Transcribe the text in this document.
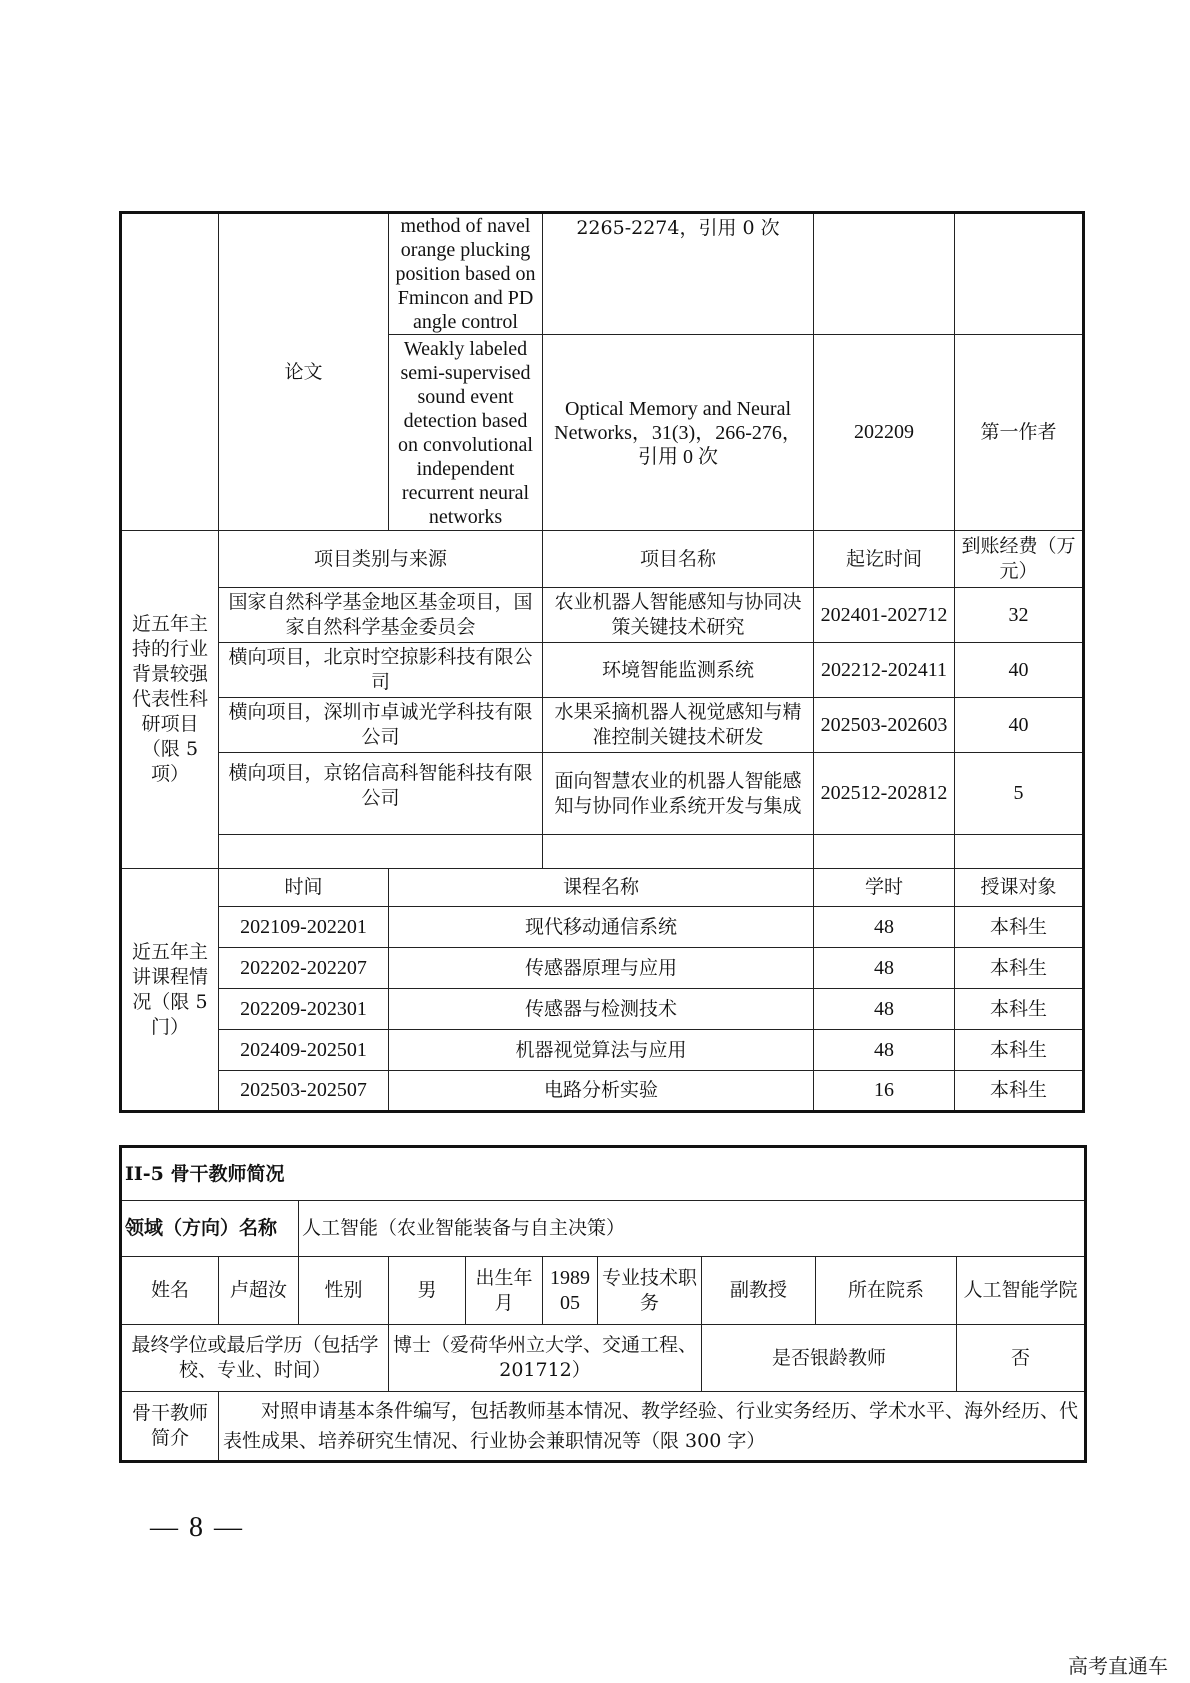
	论文	method of navel orange plucking position based on Fmincon and PD angle control	2265-2274，引用 0 次		
		Weakly labeled semi-supervised sound event detection based on convolutional independent recurrent neural networks	Optical Memory and Neural Networks，31(3)，266-276，引用 0 次	202209	第一作者
近五年主持的行业背景较强代表性科研项目（限 5 项）	项目类别与来源		项目名称	起讫时间	到账经费（万元）
	国家自然科学基金地区基金项目，国家自然科学基金委员会		农业机器人智能感知与协同决策关键技术研究	202401-202712	32
	横向项目，北京时空掠影科技有限公司		环境智能监测系统	202212-202411	40
	横向项目，深圳市卓诚光学科技有限公司		水果采摘机器人视觉感知与精准控制关键技术研发	202503-202603	40
	横向项目，京铭信高科智能科技有限公司		面向智慧农业的机器人智能感知与协同作业系统开发与集成	202512-202812	5

近五年主讲课程情况（限 5 门）	时间	课程名称		学时	授课对象
	202109-202201	现代移动通信系统		48	本科生
	202202-202207	传感器原理与应用		48	本科生
	202209-202301	传感器与检测技术		48	本科生
	202409-202501	机器视觉算法与应用		48	本科生
	202503-202507	电路分析实验		16	本科生
II-5 骨干教师简况									
领域（方向）名称		人工智能（农业智能装备与自主决策）							
姓名	卢超汝	性别	男	出生年月	1989 05	专业技术职　　务	副教授	所在院系	人工智能学院
最终学位或最后学历（包括学校、专业、时间）			博士（爱荷华州立大学、交通工程、201712）				是否银龄教师		否
骨干教师简介	对照申请基本条件编写，包括教师基本情况、教学经验、行业实务经历、学术水平、海外经历、代表性成果、培养研究生情况、行业协会兼职情况等（限 300 字）								
— 8 —
高考直通车
